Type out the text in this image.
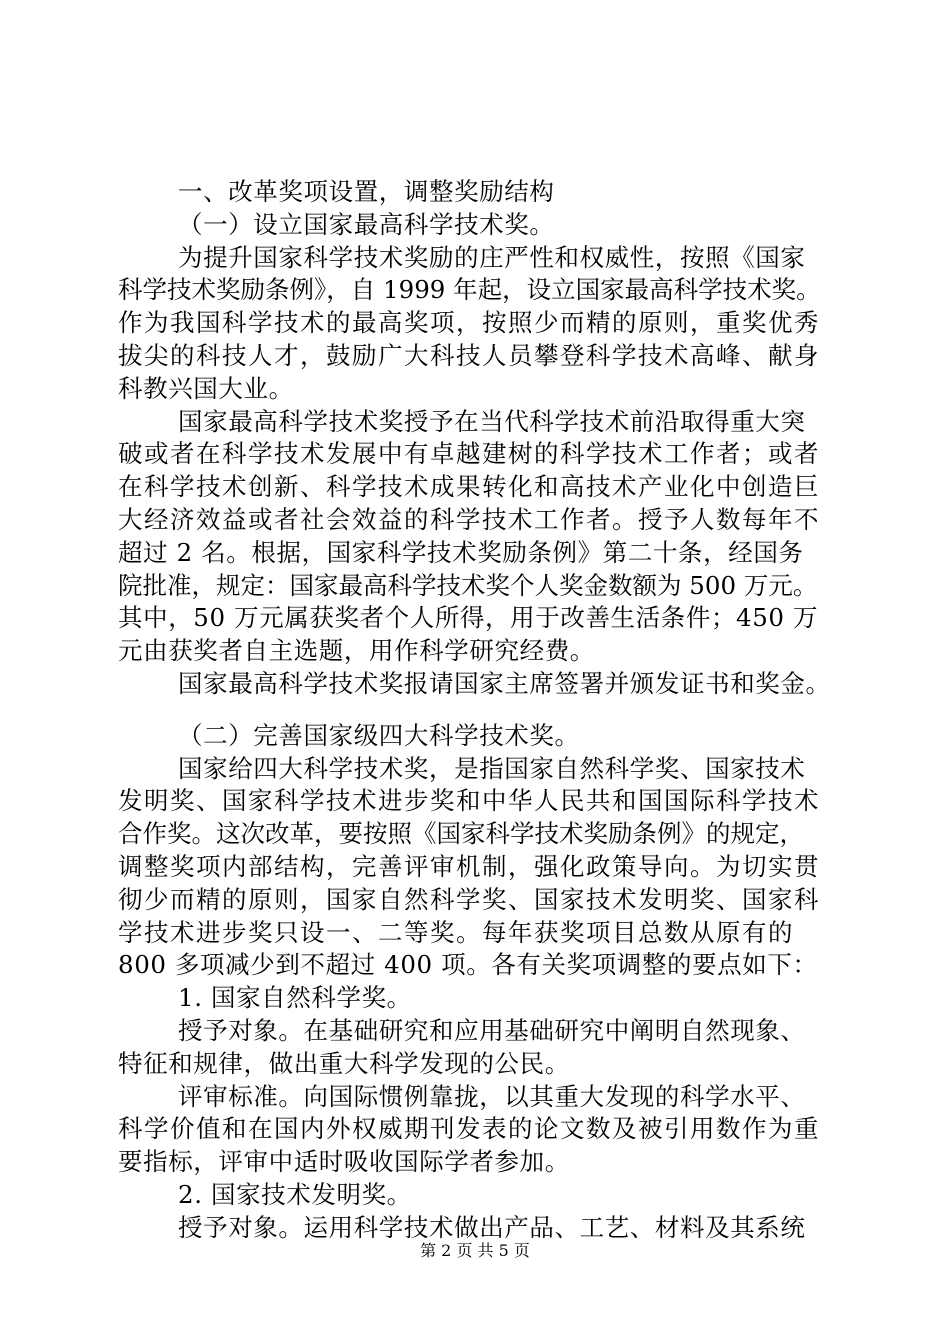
一、改革奖项设置，调整奖励结构
（一）设立国家最高科学技术奖。
为提升国家科学技术奖励的庄严性和权威性，按照《国家
科学技术奖励条例》，自 1999 年起，设立国家最高科学技术奖。
作为我国科学技术的最高奖项，按照少而精的原则，重奖优秀
拔尖的科技人才，鼓励广大科技人员攀登科学技术高峰、献身
科教兴国大业。
国家最高科学技术奖授予在当代科学技术前沿取得重大突
破或者在科学技术发展中有卓越建树的科学技术工作者；或者
在科学技术创新、科学技术成果转化和高技术产业化中创造巨
大经济效益或者社会效益的科学技术工作者。授予人数每年不
超过 2 名。根据，国家科学技术奖励条例》第二十条，经国务
院批准，规定：国家最高科学技术奖个人奖金数额为 500 万元。
其中，50 万元属获奖者个人所得，用于改善生活条件；450 万
元由获奖者自主选题，用作科学研究经费。
国家最高科学技术奖报请国家主席签署并颁发证书和奖金。
（二）完善国家级四大科学技术奖。
国家给四大科学技术奖，是指国家自然科学奖、国家技术
发明奖、国家科学技术进步奖和中华人民共和国国际科学技术
合作奖。这次改革，要按照《国家科学技术奖励条例》的规定，
调整奖项内部结构，完善评审机制，强化政策导向。为切实贯
彻少而精的原则，国家自然科学奖、国家技术发明奖、国家科
学技术进步奖只设一、二等奖。每年获奖项目总数从原有的
800 多项减少到不超过 400 项。各有关奖项调整的要点如下：
1. 国家自然科学奖。
授予对象。在基础研究和应用基础研究中阐明自然现象、
特征和规律，做出重大科学发现的公民。
评审标准。向国际惯例靠拢，以其重大发现的科学水平、
科学价值和在国内外权威期刊发表的论文数及被引用数作为重
要指标，评审中适时吸收国际学者参加。
2. 国家技术发明奖。
授予对象。运用科学技术做出产品、工艺、材料及其系统
第 2 页 共 5 页
